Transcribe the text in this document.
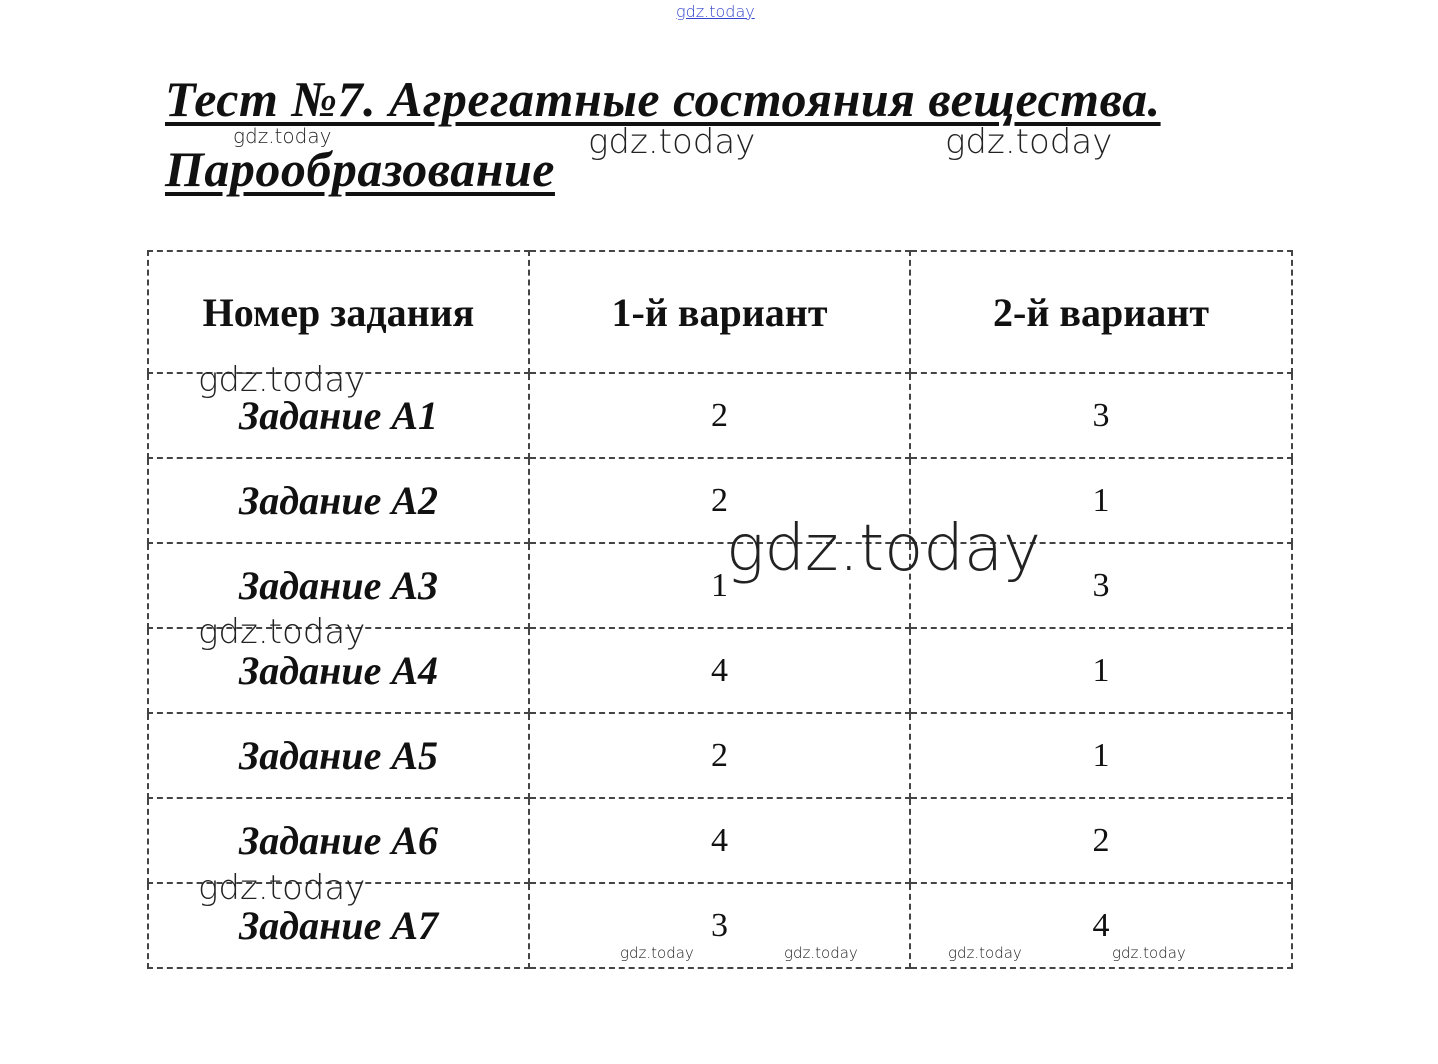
gdz.today
Тест №7. Агрегатные состояния вещества.
Парообразование
Номер задания	1-й вариант	2-й вариант
Задание A1	2	3
Задание A2	2	1
Задание A3	1	3
Задание A4	4	1
Задание A5	2	1
Задание A6	4	2
Задание A7	3	4
gdz.today	gdz.today	gdz.today
gdz.today
gdz.today
gdz.today
gdz.today
gdz.today	gdz.today	gdz.today	gdz.today
